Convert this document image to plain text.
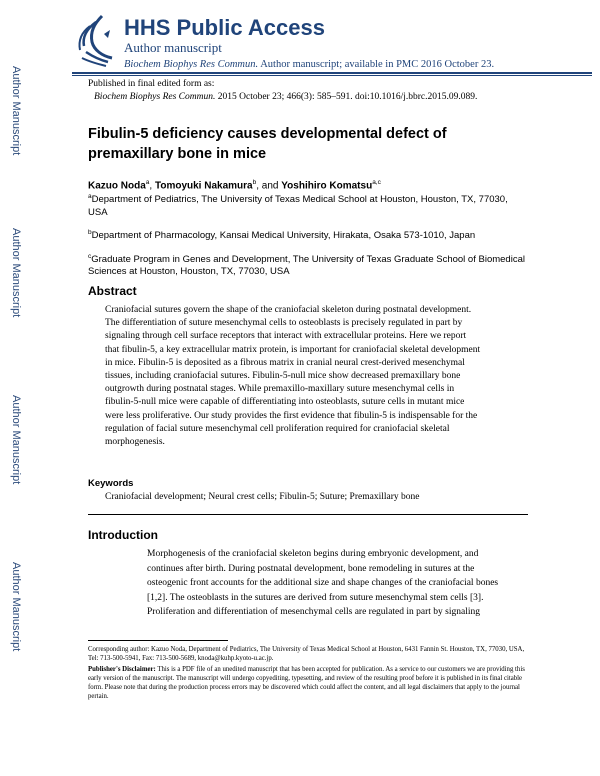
Author Manuscript
Author Manuscript
Author Manuscript
Author Manuscript
HHS Public Access
Author manuscript
Biochem Biophys Res Commun. Author manuscript; available in PMC 2016 October 23.
Published in final edited form as:
Biochem Biophys Res Commun. 2015 October 23; 466(3): 585–591. doi:10.1016/j.bbrc.2015.09.089.
Fibulin-5 deficiency causes developmental defect of premaxillary bone in mice
Kazuo Noda$^a$, Tomoyuki Nakamura$^b$, and Yoshihiro Komatsu$^{a,c}$

$^a$Department of Pediatrics, The University of Texas Medical School at Houston, Houston, TX, 77030, USA

$^b$Department of Pharmacology, Kansai Medical University, Hirakata, Osaka 573-1010, Japan

$^c$Graduate Program in Genes and Development, The University of Texas Graduate School of Biomedical Sciences at Houston, Houston, TX, 77030, USA

Abstract
Craniofacial sutures govern the shape of the craniofacial skeleton during postnatal development.
The differentiation of suture mesenchymal cells to osteoblasts is precisely regulated in part by
signaling through cell surface receptors that interact with extracellular proteins. Here we report
that fibulin-5, a key extracellular matrix protein, is important for craniofacial skeletal development
in mice. Fibulin-5 is deposited as a fibrous matrix in cranial neural crest-derived mesenchymal
tissues, including craniofacial sutures. Fibulin-5-null mice show decreased premaxillary bone
outgrowth during postnatal stages. While premaxillo-maxillary suture mesenchymal cells in
fibulin-5-null mice were capable of differentiating into osteoblasts, suture cells in mutant mice
were less proliferative. Our study provides the first evidence that fibulin-5 is indispensable for the
regulation of facial suture mesenchymal cell proliferation required for craniofacial skeletal
morphogenesis.
Keywords
Craniofacial development; Neural crest cells; Fibulin-5; Suture; Premaxillary bone
Introduction
Morphogenesis of the craniofacial skeleton begins during embryonic development, and
continues after birth. During postnatal development, bone remodeling in sutures at the
osteogenic front accounts for the additional size and shape changes of the craniofacial bones
[1,2]. The osteoblasts in the sutures are derived from suture mesenchymal stem cells [3].
Proliferation and differentiation of mesenchymal cells are regulated in part by signaling

Corresponding author: Kazuo Noda, Department of Pediatrics, The University of Texas Medical School at Houston, 6431 Fannin St. Houston, TX, 77030, USA, Tel: 713-500-5941, Fax: 713-500-5689, knoda@kuhp.kyoto-u.ac.jp.

Publisher's Disclaimer: This is a PDF file of an unedited manuscript that has been accepted for publication. As a service to our customers we are providing this early version of the manuscript. The manuscript will undergo copyediting, typesetting, and review of the resulting proof before it is published in its final citable form. Please note that during the production process errors may be discovered which could affect the content, and all legal disclaimers that apply to the journal pertain.
